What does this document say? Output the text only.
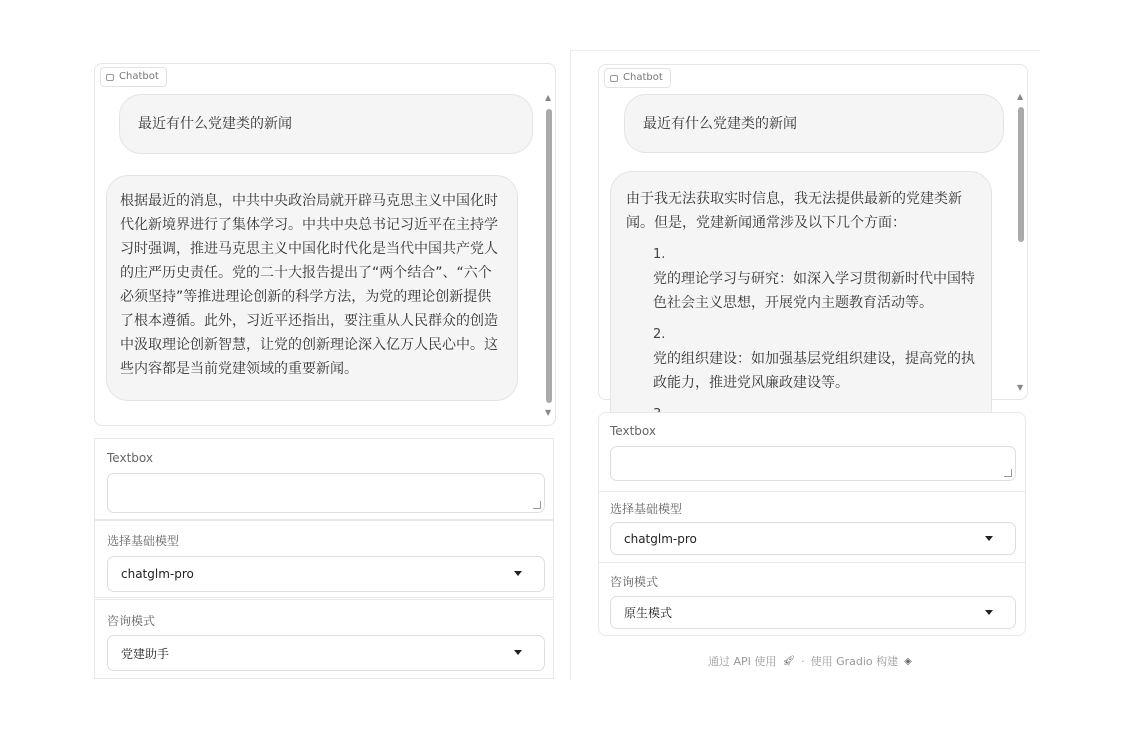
Chatbot
最近有什么党建类的新闻

根据最近的消息，中共中央政治局就开辟马克思主义中国化时代化新境界进行了集体学习。中共中央总书记习近平在主持学习时强调，推进马克思主义中国化时代化是当代中国共产党人的庄严历史责任。党的二十大报告提出了“两个结合”、“六个必须坚持”等推进理论创新的科学方法，为党的理论创新提供了根本遵循。此外，习近平还指出，要注重从人民群众的创造中汲取理论创新智慧，让党的创新理论深入亿万人民心中。这些内容都是当前党建领域的重要新闻。

▲
▼
Textbox
选择基础模型
chatglm-pro
咨询模式
党建助手
Chatbot
最近有什么党建类的新闻

由于我无法获取实时信息，我无法提供最新的党建类新闻。但是，党建新闻通常涉及以下几个方面：

1.

党的理论学习与研究：如深入学习贯彻新时代中国特色社会主义思想，开展党内主题教育活动等。

2.

党的组织建设：如加强基层党组织建设，提高党的执政能力，推进党风廉政建设等。

▲
▼
Textbox
选择基础模型
chatglm-pro
咨询模式
原生模式
通过 API 使用 🚀︎ · 使用 Gradio 构建 ◈
